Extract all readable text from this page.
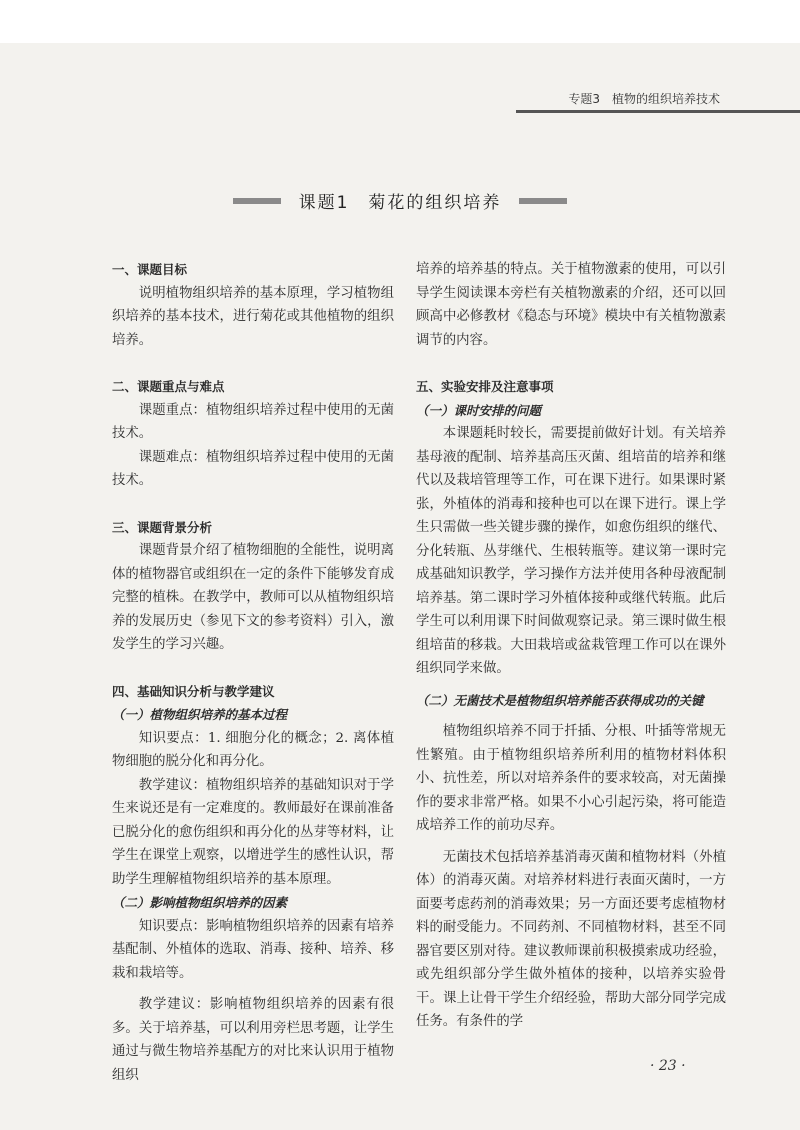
专题3　植物的组织培养技术
课题1　菊花的组织培养

一、课题目标

说明植物组织培养的基本原理，学习植物组织培养的基本技术，进行菊花或其他植物的组织培养。

二、课题重点与难点

课题重点：植物组织培养过程中使用的无菌技术。

课题难点：植物组织培养过程中使用的无菌技术。

三、课题背景分析

课题背景介绍了植物细胞的全能性，说明离体的植物器官或组织在一定的条件下能够发育成完整的植株。在教学中，教师可以从植物组织培养的发展历史（参见下文的参考资料）引入，激发学生的学习兴趣。

四、基础知识分析与教学建议

（一）植物组织培养的基本过程

知识要点：1. 细胞分化的概念；2. 离体植物细胞的脱分化和再分化。

教学建议：植物组织培养的基础知识对于学生来说还是有一定难度的。教师最好在课前准备已脱分化的愈伤组织和再分化的丛芽等材料，让学生在课堂上观察，以增进学生的感性认识，帮助学生理解植物组织培养的基本原理。

（二）影响植物组织培养的因素

知识要点：影响植物组织培养的因素有培养基配制、外植体的选取、消毒、接种、培养、移栽和栽培等。

教学建议：影响植物组织培养的因素有很多。关于培养基，可以利用旁栏思考题，让学生通过与微生物培养基配方的对比来认识用于植物组织

培养的培养基的特点。关于植物激素的使用，可以引导学生阅读课本旁栏有关植物激素的介绍，还可以回顾高中必修教材《稳态与环境》模块中有关植物激素调节的内容。

五、实验安排及注意事项

（一）课时安排的问题

本课题耗时较长，需要提前做好计划。有关培养基母液的配制、培养基高压灭菌、组培苗的培养和继代以及栽培管理等工作，可在课下进行。如果课时紧张，外植体的消毒和接种也可以在课下进行。课上学生只需做一些关键步骤的操作，如愈伤组织的继代、分化转瓶、丛芽继代、生根转瓶等。建议第一课时完成基础知识教学，学习操作方法并使用各种母液配制培养基。第二课时学习外植体接种或继代转瓶。此后学生可以利用课下时间做观察记录。第三课时做生根组培苗的移栽。大田栽培或盆栽管理工作可以在课外组织同学来做。

（二）无菌技术是植物组织培养能否获得成功的关键

植物组织培养不同于扦插、分根、叶插等常规无性繁殖。由于植物组织培养所利用的植物材料体积小、抗性差，所以对培养条件的要求较高，对无菌操作的要求非常严格。如果不小心引起污染，将可能造成培养工作的前功尽弃。

无菌技术包括培养基消毒灭菌和植物材料（外植体）的消毒灭菌。对培养材料进行表面灭菌时，一方面要考虑药剂的消毒效果；另一方面还要考虑植物材料的耐受能力。不同药剂、不同植物材料，甚至不同器官要区别对待。建议教师课前积极摸索成功经验，或先组织部分学生做外植体的接种，以培养实验骨干。课上让骨干学生介绍经验，帮助大部分同学完成任务。有条件的学

· 23 ·
